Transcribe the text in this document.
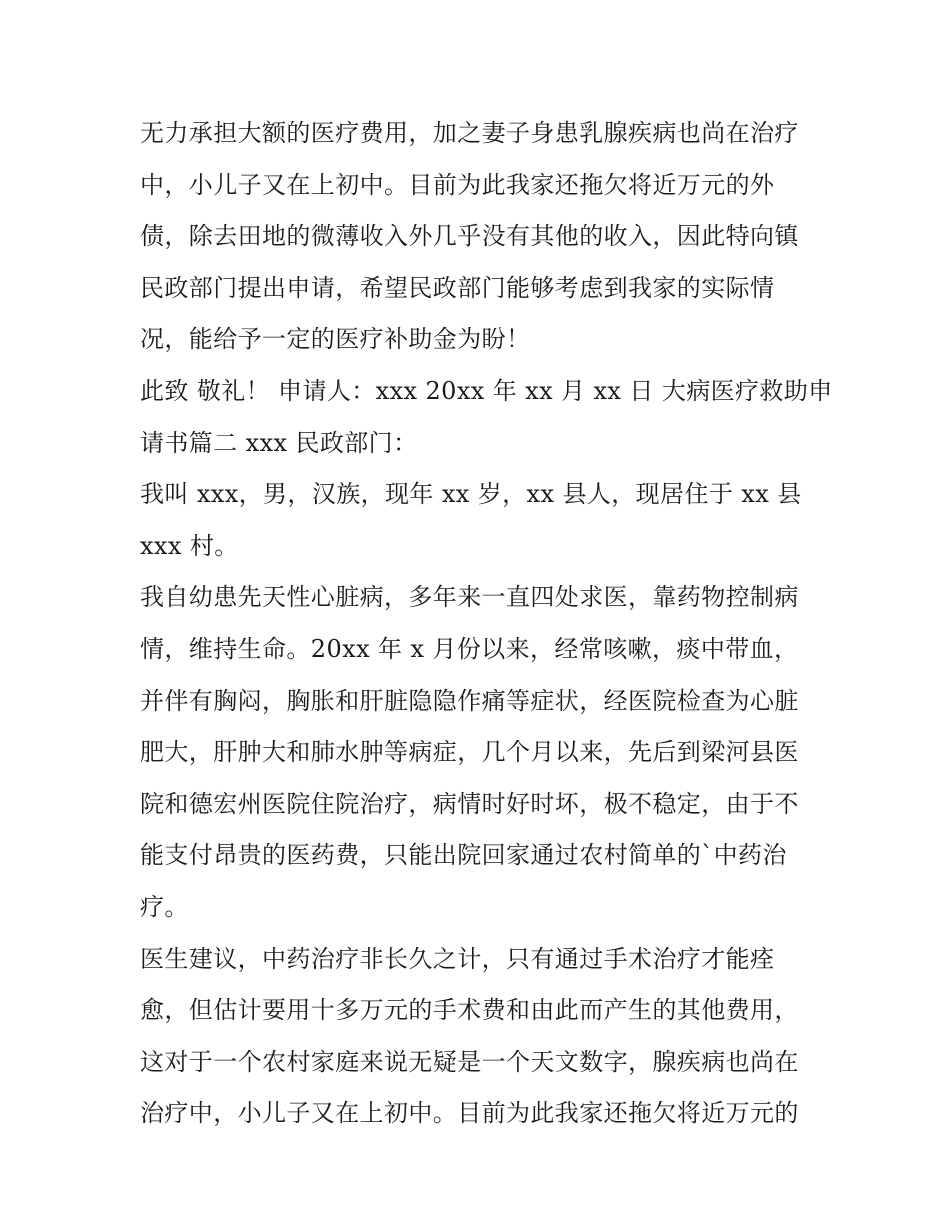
无力承担大额的医疗费用，加之妻子身患乳腺疾病也尚在治疗
中，小儿子又在上初中。目前为此我家还拖欠将近万元的外
债，除去田地的微薄收入外几乎没有其他的收入，因此特向镇
民政部门提出申请，希望民政部门能够考虑到我家的实际情
况，能给予一定的医疗补助金为盼！
此致 敬礼！ 申请人：xxx 20xx 年 xx 月 xx 日 大病医疗救助申
请书篇二 xxx 民政部门：
我叫 xxx，男，汉族，现年 xx 岁，xx 县人，现居住于 xx 县
xxx 村。
我自幼患先天性心脏病，多年来一直四处求医，靠药物控制病
情，维持生命。20xx 年 x 月份以来，经常咳嗽，痰中带血，
并伴有胸闷，胸胀和肝脏隐隐作痛等症状，经医院检查为心脏
肥大，肝肿大和肺水肿等病症，几个月以来，先后到梁河县医
院和德宏州医院住院治疗，病情时好时坏，极不稳定，由于不
能支付昂贵的医药费，只能出院回家通过农村简单的`中药治
疗。
医生建议，中药治疗非长久之计，只有通过手术治疗才能痊
愈，但估计要用十多万元的手术费和由此而产生的其他费用，
这对于一个农村家庭来说无疑是一个天文数字，腺疾病也尚在
治疗中，小儿子又在上初中。目前为此我家还拖欠将近万元的
